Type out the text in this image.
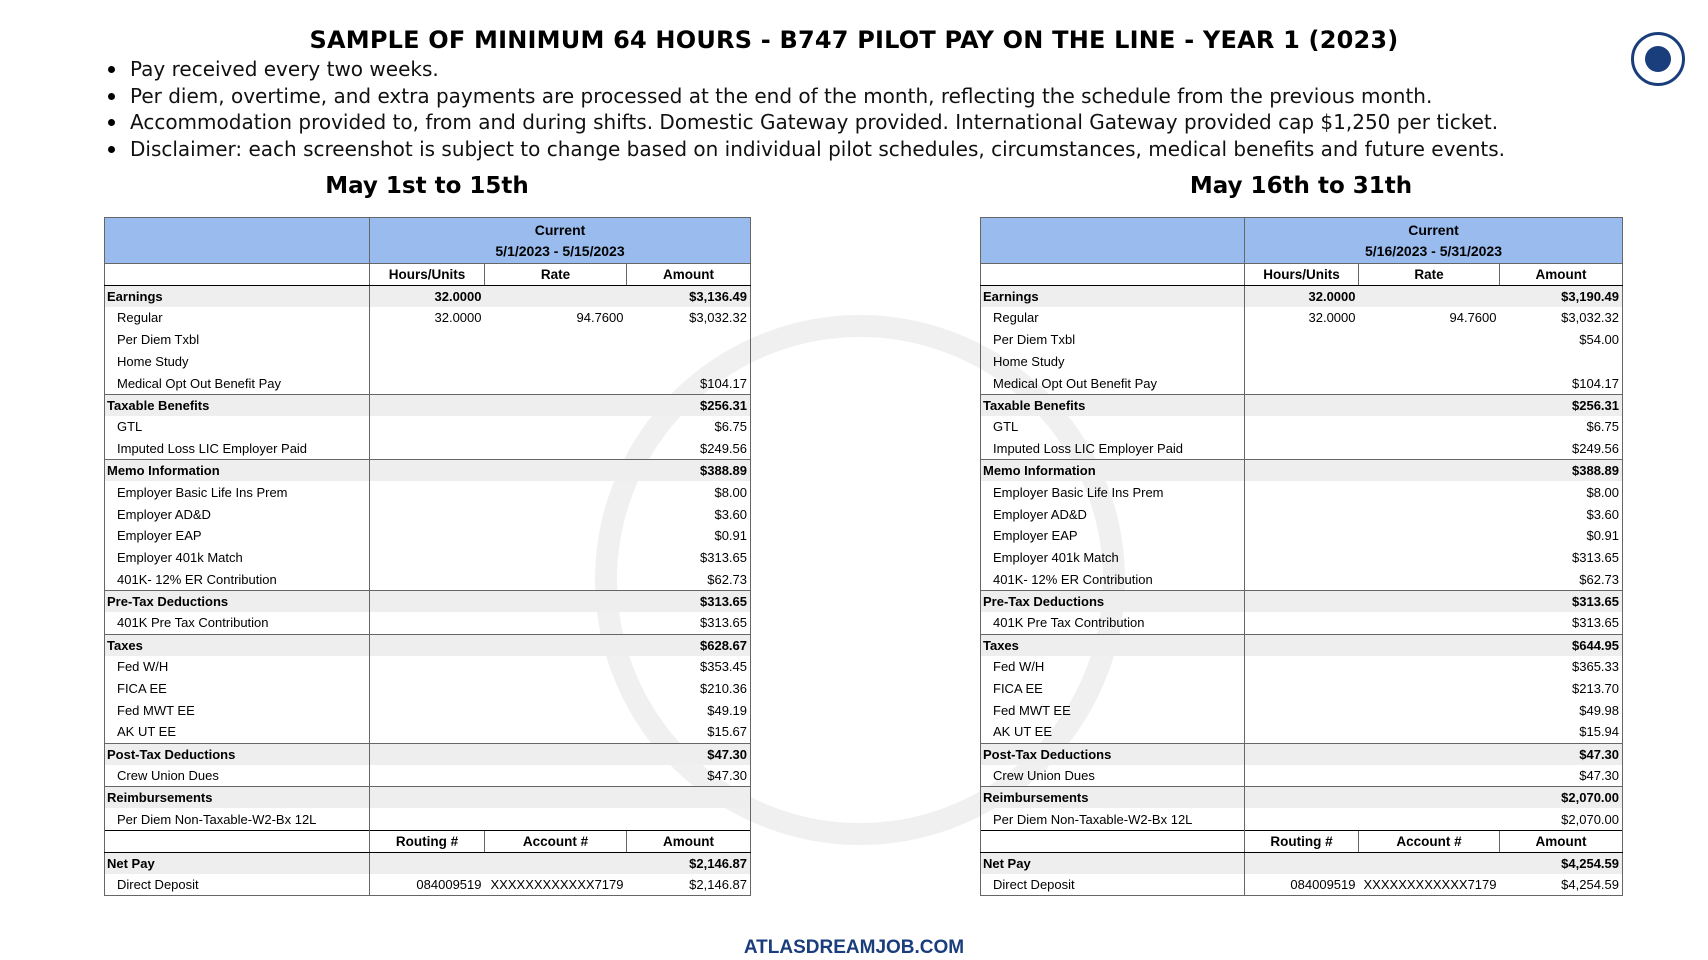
SAMPLE OF MINIMUM 64 HOURS - B747 PILOT PAY ON THE LINE - YEAR 1 (2023)
Pay received every two weeks.
Per diem, overtime, and extra payments are processed at the end of the month, reflecting the schedule from the previous month.
Accommodation provided to, from and during shifts. Domestic Gateway provided. International Gateway provided cap $1,250 per ticket.
Disclaimer: each screenshot is subject to change based on individual pilot schedules, circumstances, medical benefits and future events.
May 1st to 15th	May 16th to 31th

	Current
5/1/2023 - 5/15/2023		

	Hours/Units	Rate	Amount
Earnings	32.0000		$3,136.49
Regular	32.0000	94.7600	$3,032.32
Per Diem Txbl			
Home Study			
Medical Opt Out Benefit Pay			$104.17
Taxable Benefits			$256.31
GTL			$6.75
Imputed Loss LIC Employer Paid			$249.56
Memo Information			$388.89
Employer Basic Life Ins Prem			$8.00
Employer AD&D			$3.60
Employer EAP			$0.91
Employer 401k Match			$313.65
401K- 12% ER Contribution			$62.73
Pre-Tax Deductions			$313.65
401K Pre Tax Contribution			$313.65
Taxes			$628.67
Fed W/H			$353.45
FICA EE			$210.36
Fed MWT EE			$49.19
AK UT EE			$15.67
Post-Tax Deductions			$47.30
Crew Union Dues			$47.30
Reimbursements			
Per Diem Non-Taxable-W2-Bx 12L			
	Routing #	Account #	Amount
Net Pay			$2,146.87
Direct Deposit	084009519	XXXXXXXXXXXX7179	$2,146.87

	Current
5/16/2023 - 5/31/2023		

	Hours/Units	Rate	Amount
Earnings	32.0000		$3,190.49
Regular	32.0000	94.7600	$3,032.32
Per Diem Txbl			$54.00
Home Study			
Medical Opt Out Benefit Pay			$104.17
Taxable Benefits			$256.31
GTL			$6.75
Imputed Loss LIC Employer Paid			$249.56
Memo Information			$388.89
Employer Basic Life Ins Prem			$8.00
Employer AD&D			$3.60
Employer EAP			$0.91
Employer 401k Match			$313.65
401K- 12% ER Contribution			$62.73
Pre-Tax Deductions			$313.65
401K Pre Tax Contribution			$313.65
Taxes			$644.95
Fed W/H			$365.33
FICA EE			$213.70
Fed MWT EE			$49.98
AK UT EE			$15.94
Post-Tax Deductions			$47.30
Crew Union Dues			$47.30
Reimbursements			$2,070.00
Per Diem Non-Taxable-W2-Bx 12L			$2,070.00
	Routing #	Account #	Amount
Net Pay			$4,254.59
Direct Deposit	084009519	XXXXXXXXXXXX7179	$4,254.59

ATLASDREAMJOB.COM
